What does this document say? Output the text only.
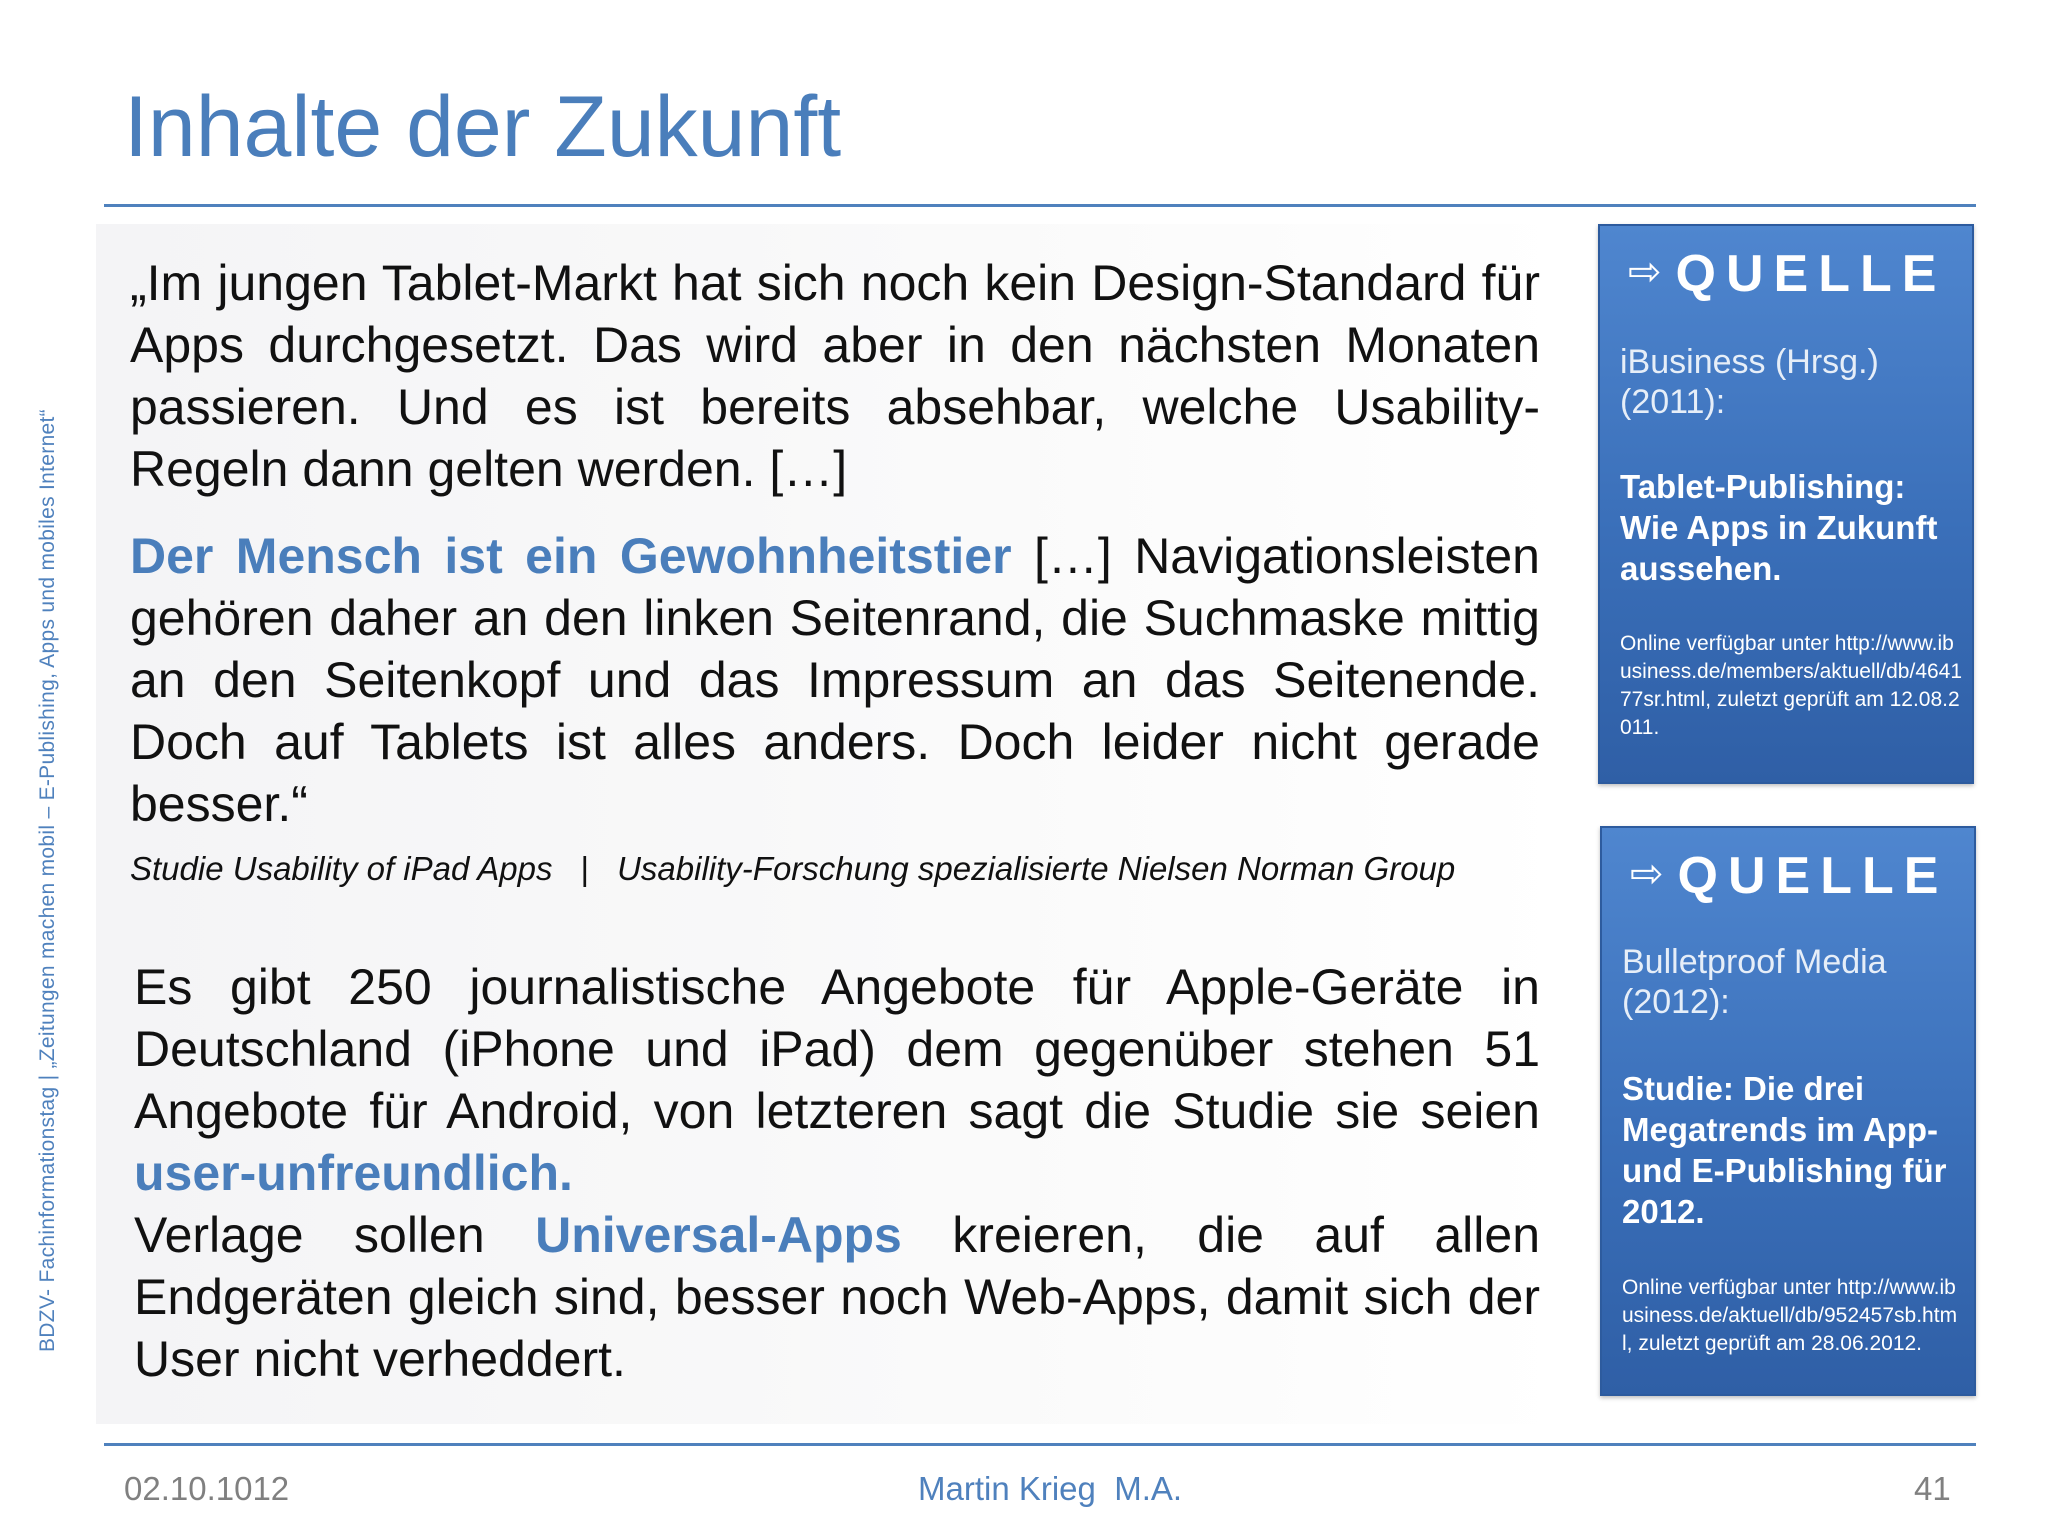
BDZV- Fachinformationstag | „Zeitungen machen mobil – E-Publishing, Apps und mobiles Internet“
Inhalte der Zukunft
„Im jungen Tablet-Markt hat sich noch kein Design-Standard für Apps durchgesetzt. Das wird aber in den nächsten Monaten passieren. Und es ist bereits absehbar, welche Usability-Regeln dann gelten werden. […]
Der Mensch ist ein Gewohnheitstier […] Navigationsleisten gehören daher an den linken Seitenrand, die Suchmaske mittig an den Seitenkopf und das Impressum an das Seitenende. Doch auf Tablets ist alles anders. Doch leider nicht gerade besser.“
Studie Usability of iPad Apps | Usability-Forschung spezialisierte Nielsen Norman Group
Es gibt 250 journalistische Angebote für Apple-Geräte in Deutschland (iPhone und iPad) dem gegenüber stehen 51 Angebote für Android, von letzteren sagt die Studie sie seien user-unfreundlich.
Verlage sollen Universal-Apps kreieren, die auf allen Endgeräten gleich sind, besser noch Web-Apps, damit sich der User nicht verheddert.
⇨ QUELLE
iBusiness (Hrsg.) (2011):
Tablet-Publishing: Wie Apps in Zukunft aussehen.
Online verfügbar unter http://www.ibusiness.de/members/aktuell/db/464177sr.html, zuletzt geprüft am 12.08.2011.
⇨ QUELLE
Bulletproof Media (2012):
Studie: Die drei Megatrends im App- und E-Publishing für 2012.
Online verfügbar unter http://www.ibusiness.de/aktuell/db/952457sb.html, zuletzt geprüft am 28.06.2012.
02.10.1012	Martin Krieg  M.A.	41
